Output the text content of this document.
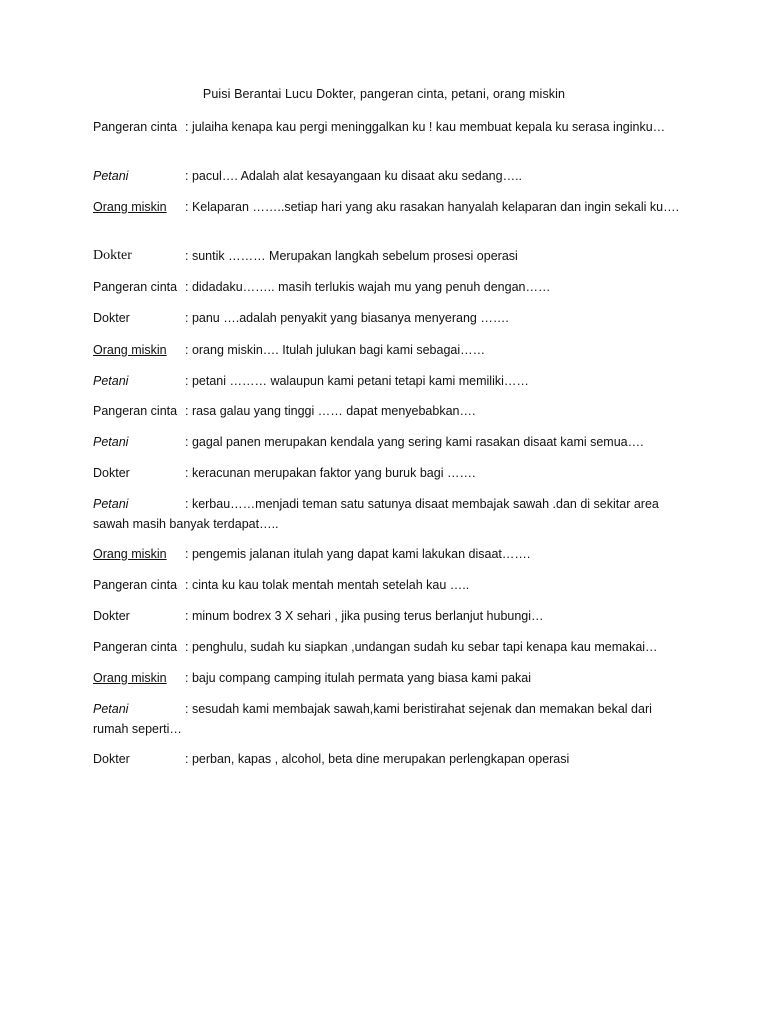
Puisi Berantai Lucu Dokter, pangeran cinta, petani, orang miskin
Pangeran cinta : julaiha kenapa kau pergi meninggalkan ku ! kau membuat kepala ku serasa inginku…
Petani	: pacul…. Adalah alat kesayangaan ku disaat aku sedang…..
Orang miskin	: Kelaparan ……..setiap hari yang aku rasakan hanyalah kelaparan dan ingin sekali ku….
Dokter	: suntik ……… Merupakan langkah sebelum prosesi operasi
Pangeran cinta : didadaku…….. masih terlukis wajah mu yang penuh dengan……
Dokter	: panu ….adalah penyakit yang biasanya menyerang …….
Orang miskin	: orang miskin…. Itulah julukan bagi kami sebagai……
Petani	: petani ……… walaupun kami petani tetapi kami memiliki……
Pangeran cinta : rasa galau yang tinggi …… dapat menyebabkan….
Petani	: gagal panen merupakan kendala yang sering kami rasakan disaat kami semua….
Dokter	: keracunan merupakan faktor yang buruk bagi …….
Petani	: kerbau……menjadi teman satu satunya disaat membajak sawah .dan di sekitar area sawah masih banyak terdapat…..
Orang miskin	: pengemis jalanan itulah yang dapat kami lakukan disaat…….
Pangeran cinta : cinta ku kau tolak mentah mentah setelah kau …..
Dokter	: minum bodrex 3 X sehari , jika pusing terus berlanjut hubungi…
Pangeran cinta : penghulu, sudah ku siapkan ,undangan sudah ku sebar tapi kenapa kau memakai…
Orang miskin	: baju compang camping itulah permata yang biasa kami pakai
Petani	: sesudah kami membajak sawah,kami beristirahat sejenak dan memakan bekal dari rumah seperti…
Dokter	: perban, kapas , alcohol, beta dine merupakan perlengkapan operasi
